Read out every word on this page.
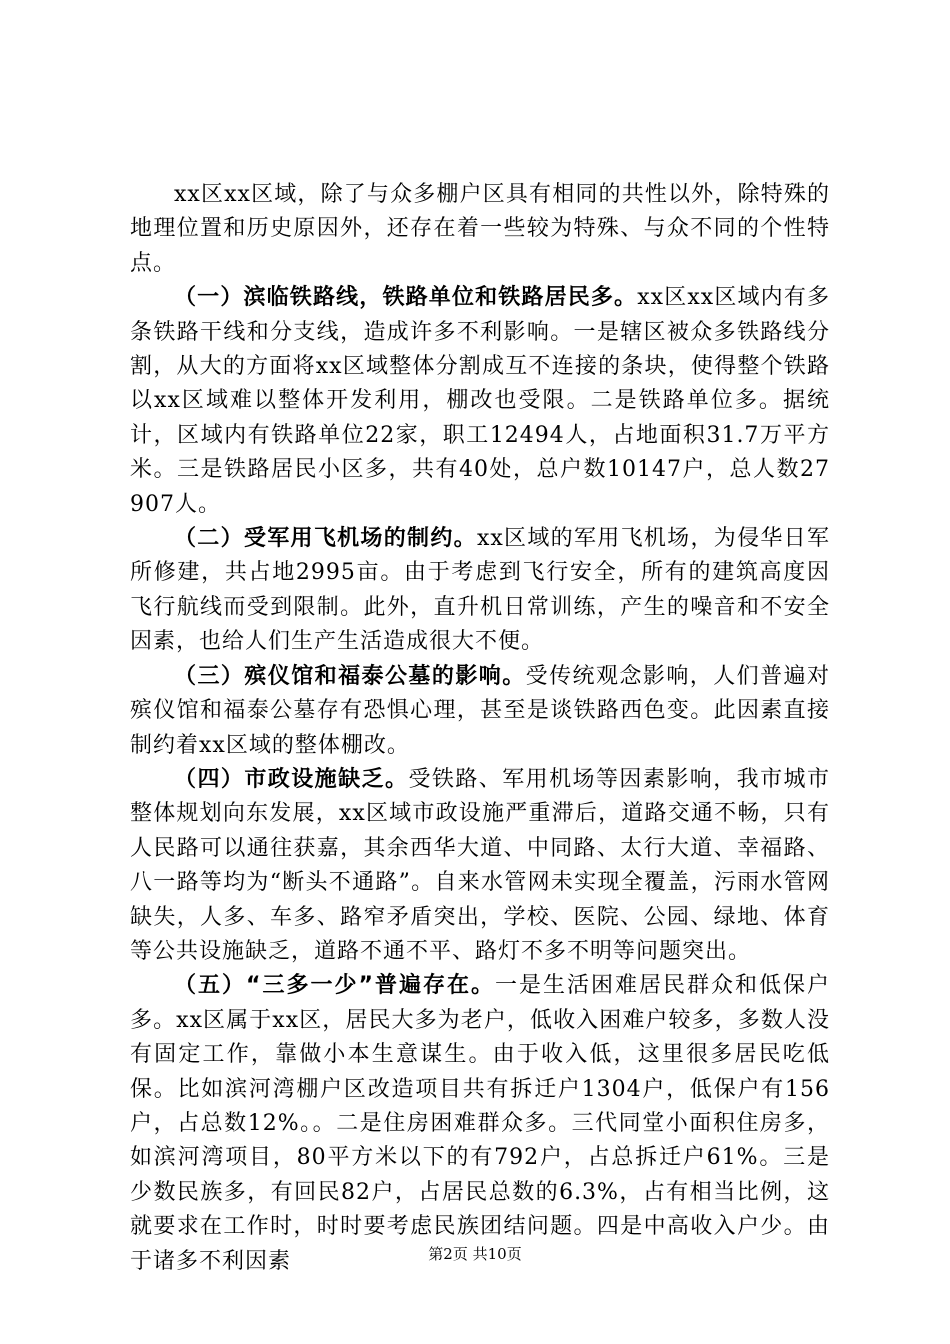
xx区xx区域，除了与众多棚户区具有相同的共性以外，除特殊的地理位置和历史原因外，还存在着一些较为特殊、与众不同的个性特点。

（一）滨临铁路线，铁路单位和铁路居民多。xx区xx区域内有多条铁路干线和分支线，造成许多不利影响。一是辖区被众多铁路线分割，从大的方面将xx区域整体分割成互不连接的条块，使得整个铁路以xx区域难以整体开发利用，棚改也受限。二是铁路单位多。据统计，区域内有铁路单位22家，职工12494人，占地面积31.7万平方米。三是铁路居民小区多，共有40处，总户数10147户，总人数27907人。

（二）受军用飞机场的制约。xx区域的军用飞机场，为侵华日军所修建，共占地2995亩。由于考虑到飞行安全，所有的建筑高度因飞行航线而受到限制。此外，直升机日常训练，产生的噪音和不安全因素，也给人们生产生活造成很大不便。

（三）殡仪馆和福泰公墓的影响。受传统观念影响，人们普遍对殡仪馆和福泰公墓存有恐惧心理，甚至是谈铁路西色变。此因素直接制约着xx区域的整体棚改。

（四）市政设施缺乏。受铁路、军用机场等因素影响，我市城市整体规划向东发展，xx区域市政设施严重滞后，道路交通不畅，只有人民路可以通往获嘉，其余西华大道、中同路、太行大道、幸福路、八一路等均为“断头不通路”。自来水管网未实现全覆盖，污雨水管网缺失，人多、车多、路窄矛盾突出，学校、医院、公园、绿地、体育等公共设施缺乏，道路不通不平、路灯不多不明等问题突出。

（五）“三多一少”普遍存在。一是生活困难居民群众和低保户多。xx区属于xx区，居民大多为老户，低收入困难户较多，多数人没有固定工作，靠做小本生意谋生。由于收入低，这里很多居民吃低保。比如滨河湾棚户区改造项目共有拆迁户1304户，低保户有156户，占总数12%。。二是住房困难群众多。三代同堂小面积住房多，如滨河湾项目，80平方米以下的有792户，占总拆迁户61%。三是少数民族多，有回民82户，占居民总数的6.3%，占有相当比例，这就要求在工作时，时时要考虑民族团结问题。四是中高收入户少。由于诸多不利因素	第2页 共10页
